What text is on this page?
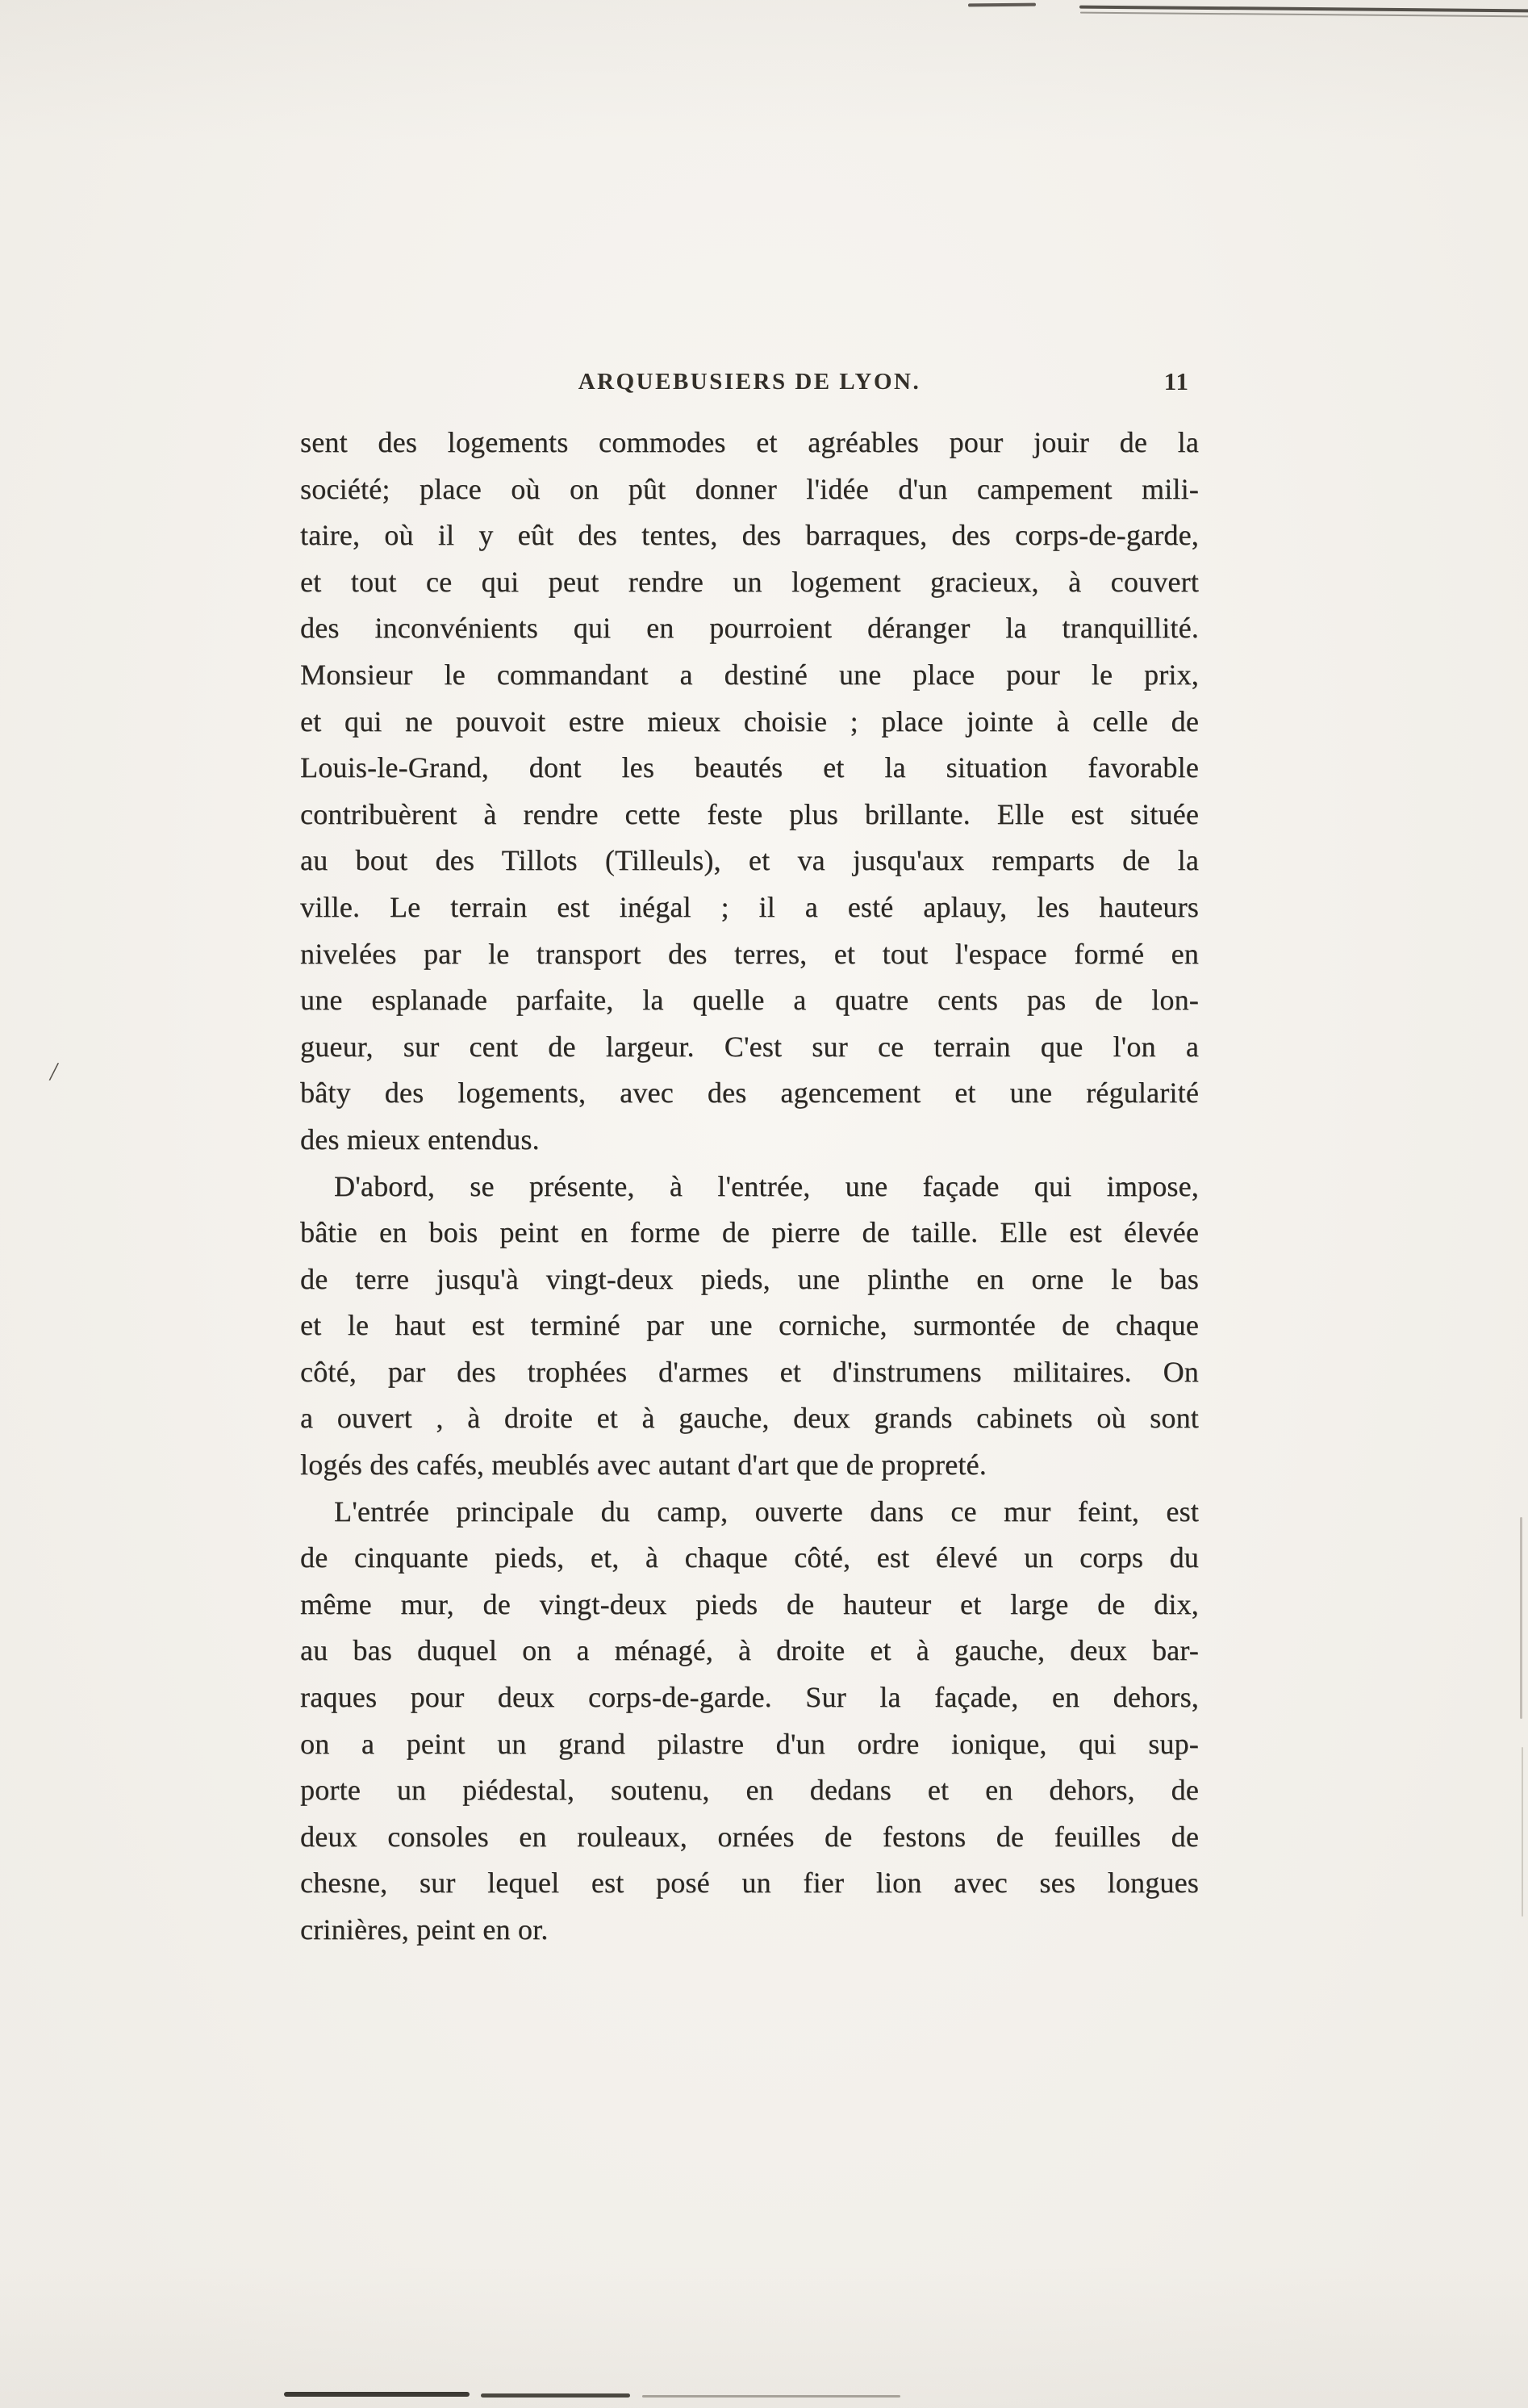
/
ARQUEBUSIERS DE LYON.	11
sent des logements commodes et agréables pour jouir de la
société; place où on pût donner l'idée d'un campement mili-
taire, où il y eût des tentes, des barraques, des corps-de-garde,
et tout ce qui peut rendre un logement gracieux, à couvert
des inconvénients qui en pourroient déranger la tranquillité.
Monsieur le commandant a destiné une place pour le prix,
et qui ne pouvoit estre mieux choisie ; place jointe à celle de
Louis-le-Grand, dont les beautés et la situation favorable
contribuèrent à rendre cette feste plus brillante. Elle est située
au bout des Tillots (Tilleuls), et va jusqu'aux remparts de la
ville. Le terrain est inégal ; il a esté aplauy, les hauteurs
nivelées par le transport des terres, et tout l'espace formé en
une esplanade parfaite, la quelle a quatre cents pas de lon-
gueur, sur cent de largeur. C'est sur ce terrain que l'on a
bâty des logements, avec des agencement et une régularité
des mieux entendus.
D'abord, se présente, à l'entrée, une façade qui impose,
bâtie en bois peint en forme de pierre de taille. Elle est élevée
de terre jusqu'à vingt-deux pieds, une plinthe en orne le bas
et le haut est terminé par une corniche, surmontée de chaque
côté, par des trophées d'armes et d'instrumens militaires. On
a ouvert , à droite et à gauche, deux grands cabinets où sont
logés des cafés, meublés avec autant d'art que de propreté.
L'entrée principale du camp, ouverte dans ce mur feint, est
de cinquante pieds, et, à chaque côté, est élevé un corps du
même mur, de vingt-deux pieds de hauteur et large de dix,
au bas duquel on a ménagé, à droite et à gauche, deux bar-
raques pour deux corps-de-garde. Sur la façade, en dehors,
on a peint un grand pilastre d'un ordre ionique, qui sup-
porte un piédestal, soutenu, en dedans et en dehors, de
deux consoles en rouleaux, ornées de festons de feuilles de
chesne, sur lequel est posé un fier lion avec ses longues
crinières, peint en or.
